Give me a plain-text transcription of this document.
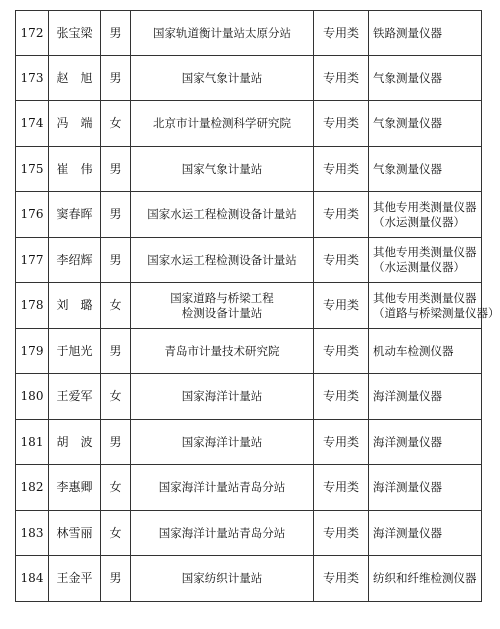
172	张宝梁	男	国家轨道衡计量站太原分站	专用类	铁路测量仪器

173	赵　旭	男	国家气象计量站	专用类	气象测量仪器

174	冯　端	女	北京市计量检测科学研究院	专用类	气象测量仪器

175	崔　伟	男	国家气象计量站	专用类	气象测量仪器

176	窦春晖	男	国家水运工程检测设备计量站	专用类	其他专用类测量仪器
（水运测量仪器）

177	李绍辉	男	国家水运工程检测设备计量站	专用类	其他专用类测量仪器
（水运测量仪器）

178	刘　璐	女	国家道路与桥梁工程
检测设备计量站	专用类	其他专用类测量仪器
（道路与桥梁测量仪器）

179	于旭光	男	青岛市计量技术研究院	专用类	机动车检测仪器

180	王爱军	女	国家海洋计量站	专用类	海洋测量仪器

181	胡　波	男	国家海洋计量站	专用类	海洋测量仪器

182	李惠卿	女	国家海洋计量站青岛分站	专用类	海洋测量仪器

183	林雪丽	女	国家海洋计量站青岛分站	专用类	海洋测量仪器

184	王金平	男	国家纺织计量站	专用类	纺织和纤维检测仪器
